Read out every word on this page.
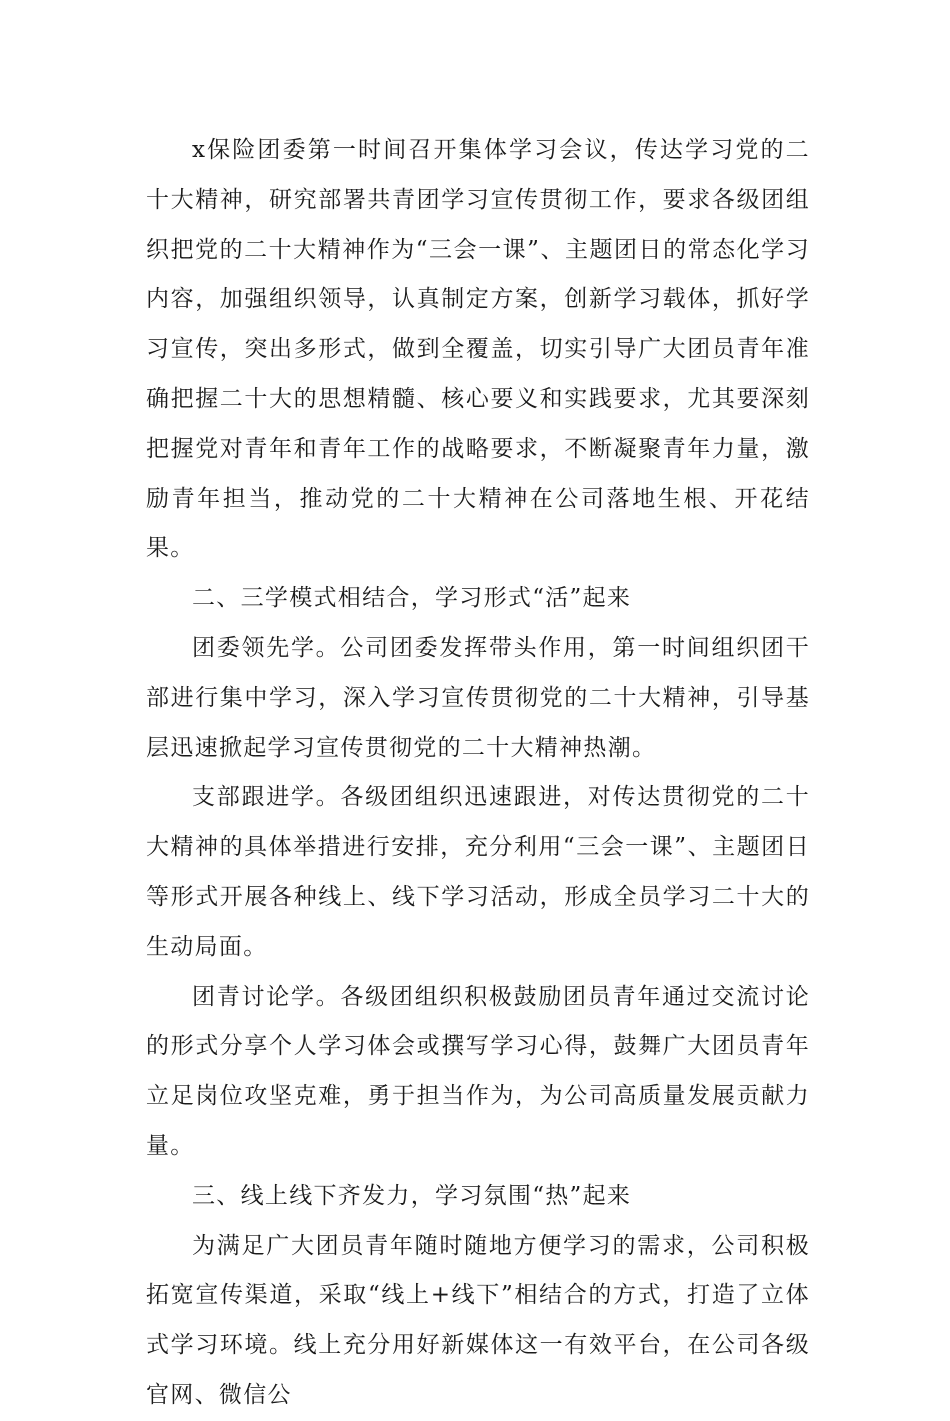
x保险团委第一时间召开集体学习会议，传达学习党的二十大精神，研究部署共青团学习宣传贯彻工作，要求各级团组织把党的二十大精神作为“三会一课”、主题团日的常态化学习内容，加强组织领导，认真制定方案，创新学习载体，抓好学习宣传，突出多形式，做到全覆盖，切实引导广大团员青年准确把握二十大的思想精髓、核心要义和实践要求，尤其要深刻把握党对青年和青年工作的战略要求，不断凝聚青年力量，激励青年担当，推动党的二十大精神在公司落地生根、开花结果。

二、三学模式相结合，学习形式“活”起来

团委领先学。公司团委发挥带头作用，第一时间组织团干部进行集中学习，深入学习宣传贯彻党的二十大精神，引导基层迅速掀起学习宣传贯彻党的二十大精神热潮。

支部跟进学。各级团组织迅速跟进，对传达贯彻党的二十大精神的具体举措进行安排，充分利用“三会一课”、主题团日等形式开展各种线上、线下学习活动，形成全员学习二十大的生动局面。

团青讨论学。各级团组织积极鼓励团员青年通过交流讨论的形式分享个人学习体会或撰写学习心得，鼓舞广大团员青年立足岗位攻坚克难，勇于担当作为，为公司高质量发展贡献力量。

三、线上线下齐发力，学习氛围“热”起来

为满足广大团员青年随时随地方便学习的需求，公司积极拓宽宣传渠道，采取“线上+线下”相结合的方式，打造了立体式学习环境。线上充分用好新媒体这一有效平台，在公司各级官网、微信公
